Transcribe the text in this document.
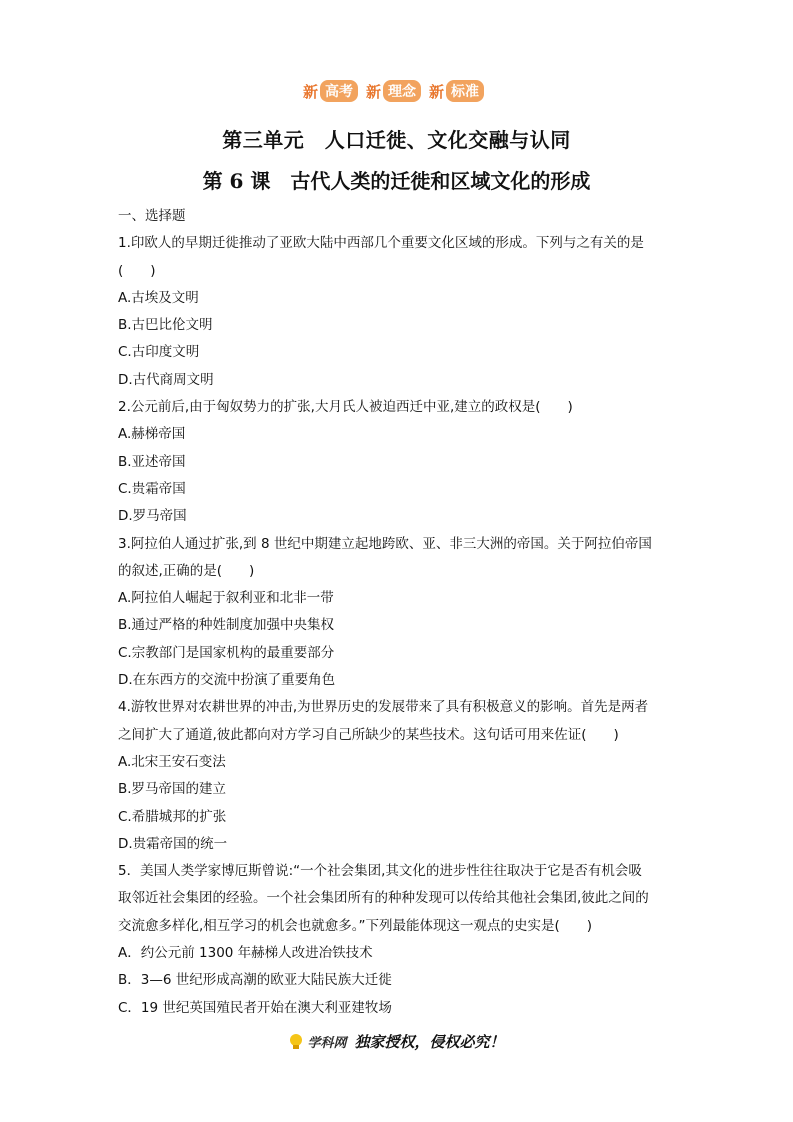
新 高考 新 理念 新 标准
第三单元　人口迁徙、文化交融与认同
第 6 课　古代人类的迁徙和区域文化的形成
一、选择题
1.印欧人的早期迁徙推动了亚欧大陆中西部几个重要文化区域的形成。下列与之有关的是
(　　)
A.古埃及文明
B.古巴比伦文明
C.古印度文明
D.古代商周文明
2.公元前后,由于匈奴势力的扩张,大月氏人被迫西迁中亚,建立的政权是(　　)
A.赫梯帝国
B.亚述帝国
C.贵霜帝国
D.罗马帝国
3.阿拉伯人通过扩张,到 8 世纪中期建立起地跨欧、亚、非三大洲的帝国。关于阿拉伯帝国
的叙述,正确的是(　　)
A.阿拉伯人崛起于叙利亚和北非一带
B.通过严格的种姓制度加强中央集权
C.宗教部门是国家机构的最重要部分
D.在东西方的交流中扮演了重要角色
4.游牧世界对农耕世界的冲击,为世界历史的发展带来了具有积极意义的影响。首先是两者
之间扩大了通道,彼此都向对方学习自己所缺少的某些技术。这句话可用来佐证(　　)
A.北宋王安石变法
B.罗马帝国的建立
C.希腊城邦的扩张
D.贵霜帝国的统一
5．美国人类学家博厄斯曾说:“一个社会集团,其文化的进步性往往取决于它是否有机会吸
取邻近社会集团的经验。一个社会集团所有的种种发现可以传给其他社会集团,彼此之间的
交流愈多样化,相互学习的机会也就愈多。”下列最能体现这一观点的史实是(　　)
A．约公元前 1300 年赫梯人改进冶铁技术
B．3—6 世纪形成高潮的欧亚大陆民族大迁徙
C．19 世纪英国殖民者开始在澳大利亚建牧场
学科网 独家授权，侵权必究！
